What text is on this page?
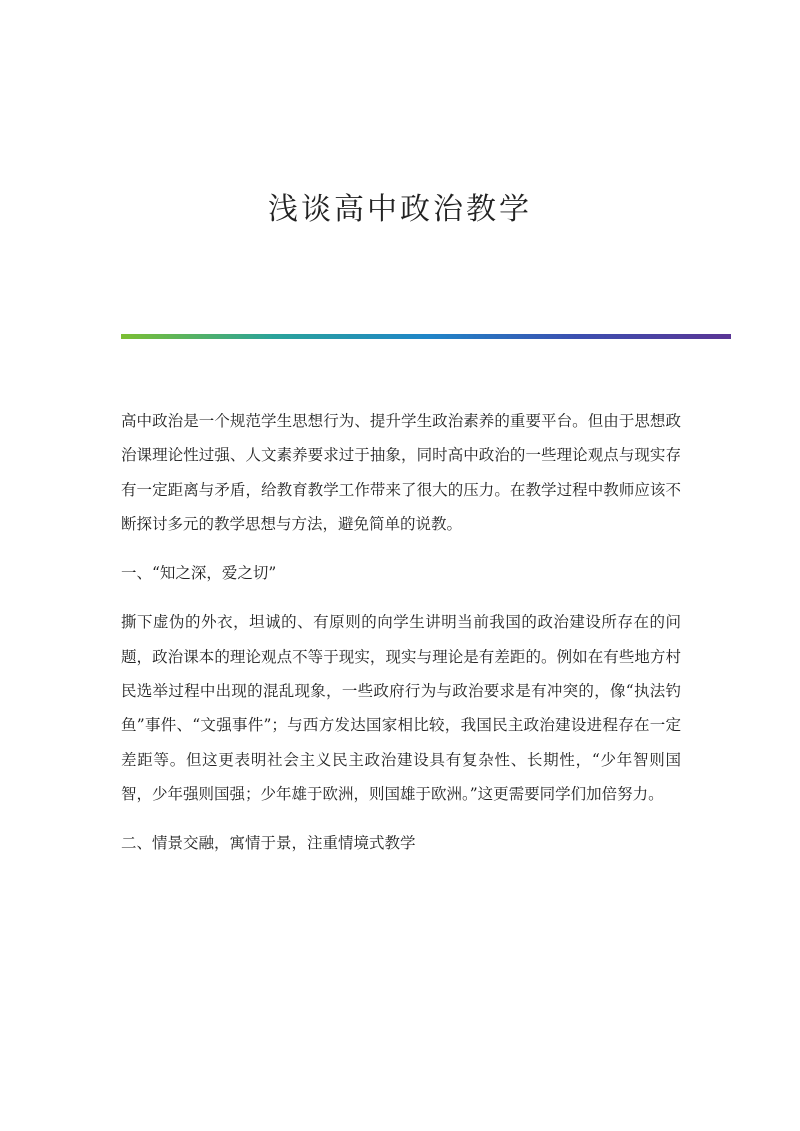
浅谈高中政治教学

高中政治是一个规范学生思想行为、提升学生政治素养的重要平台。但由于思想政治课理论性过强、人文素养要求过于抽象，同时高中政治的一些理论观点与现实存有一定距离与矛盾，给教育教学工作带来了很大的压力。在教学过程中教师应该不断探讨多元的教学思想与方法，避免简单的说教。

一、“知之深，爱之切”

撕下虚伪的外衣，坦诚的、有原则的向学生讲明当前我国的政治建设所存在的问题，政治课本的理论观点不等于现实，现实与理论是有差距的。例如在有些地方村民选举过程中出现的混乱现象，一些政府行为与政治要求是有冲突的，像“执法钓鱼”事件、“文强事件”；与西方发达国家相比较，我国民主政治建设进程存在一定差距等。但这更表明社会主义民主政治建设具有复杂性、长期性，“少年智则国智，少年强则国强；少年雄于欧洲，则国雄于欧洲。”这更需要同学们加倍努力。

二、情景交融，寓情于景，注重情境式教学
